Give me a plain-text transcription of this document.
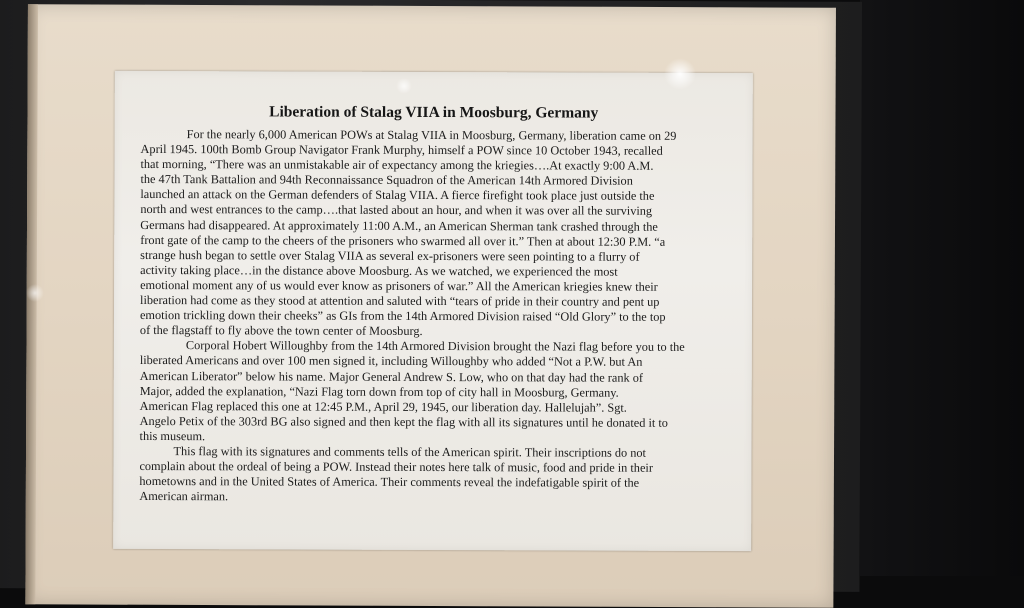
Liberation of Stalag VIIA in Moosburg, Germany
For the nearly 6,000 American POWs at Stalag VIIA in Moosburg, Germany, liberation came on 29
April 1945. 100th Bomb Group Navigator Frank Murphy, himself a POW since 10 October 1943, recalled
that morning, “There was an unmistakable air of expectancy among the kriegies….At exactly 9:00 A.M.
the 47th Tank Battalion and 94th Reconnaissance Squadron of the American 14th Armored Division
launched an attack on the German defenders of Stalag VIIA. A fierce firefight took place just outside the
north and west entrances to the camp….that lasted about an hour, and when it was over all the surviving
Germans had disappeared. At approximately 11:00 A.M., an American Sherman tank crashed through the
front gate of the camp to the cheers of the prisoners who swarmed all over it.” Then at about 12:30 P.M. “a
strange hush began to settle over Stalag VIIA as several ex-prisoners were seen pointing to a flurry of
activity taking place…in the distance above Moosburg. As we watched, we experienced the most
emotional moment any of us would ever know as prisoners of war.” All the American kriegies knew their
liberation had come as they stood at attention and saluted with “tears of pride in their country and pent up
emotion trickling down their cheeks” as GIs from the 14th Armored Division raised “Old Glory” to the top
of the flagstaff to fly above the town center of Moosburg.
Corporal Hobert Willoughby from the 14th Armored Division brought the Nazi flag before you to the
liberated Americans and over 100 men signed it, including Willoughby who added “Not a P.W. but An
American Liberator” below his name. Major General Andrew S. Low, who on that day had the rank of
Major, added the explanation, “Nazi Flag torn down from top of city hall in Moosburg, Germany.
American Flag replaced this one at 12:45 P.M., April 29, 1945, our liberation day. Hallelujah”. Sgt.
Angelo Petix of the 303rd BG also signed and then kept the flag with all its signatures until he donated it to
this museum.
This flag with its signatures and comments tells of the American spirit. Their inscriptions do not
complain about the ordeal of being a POW. Instead their notes here talk of music, food and pride in their
hometowns and in the United States of America. Their comments reveal the indefatigable spirit of the
American airman.
